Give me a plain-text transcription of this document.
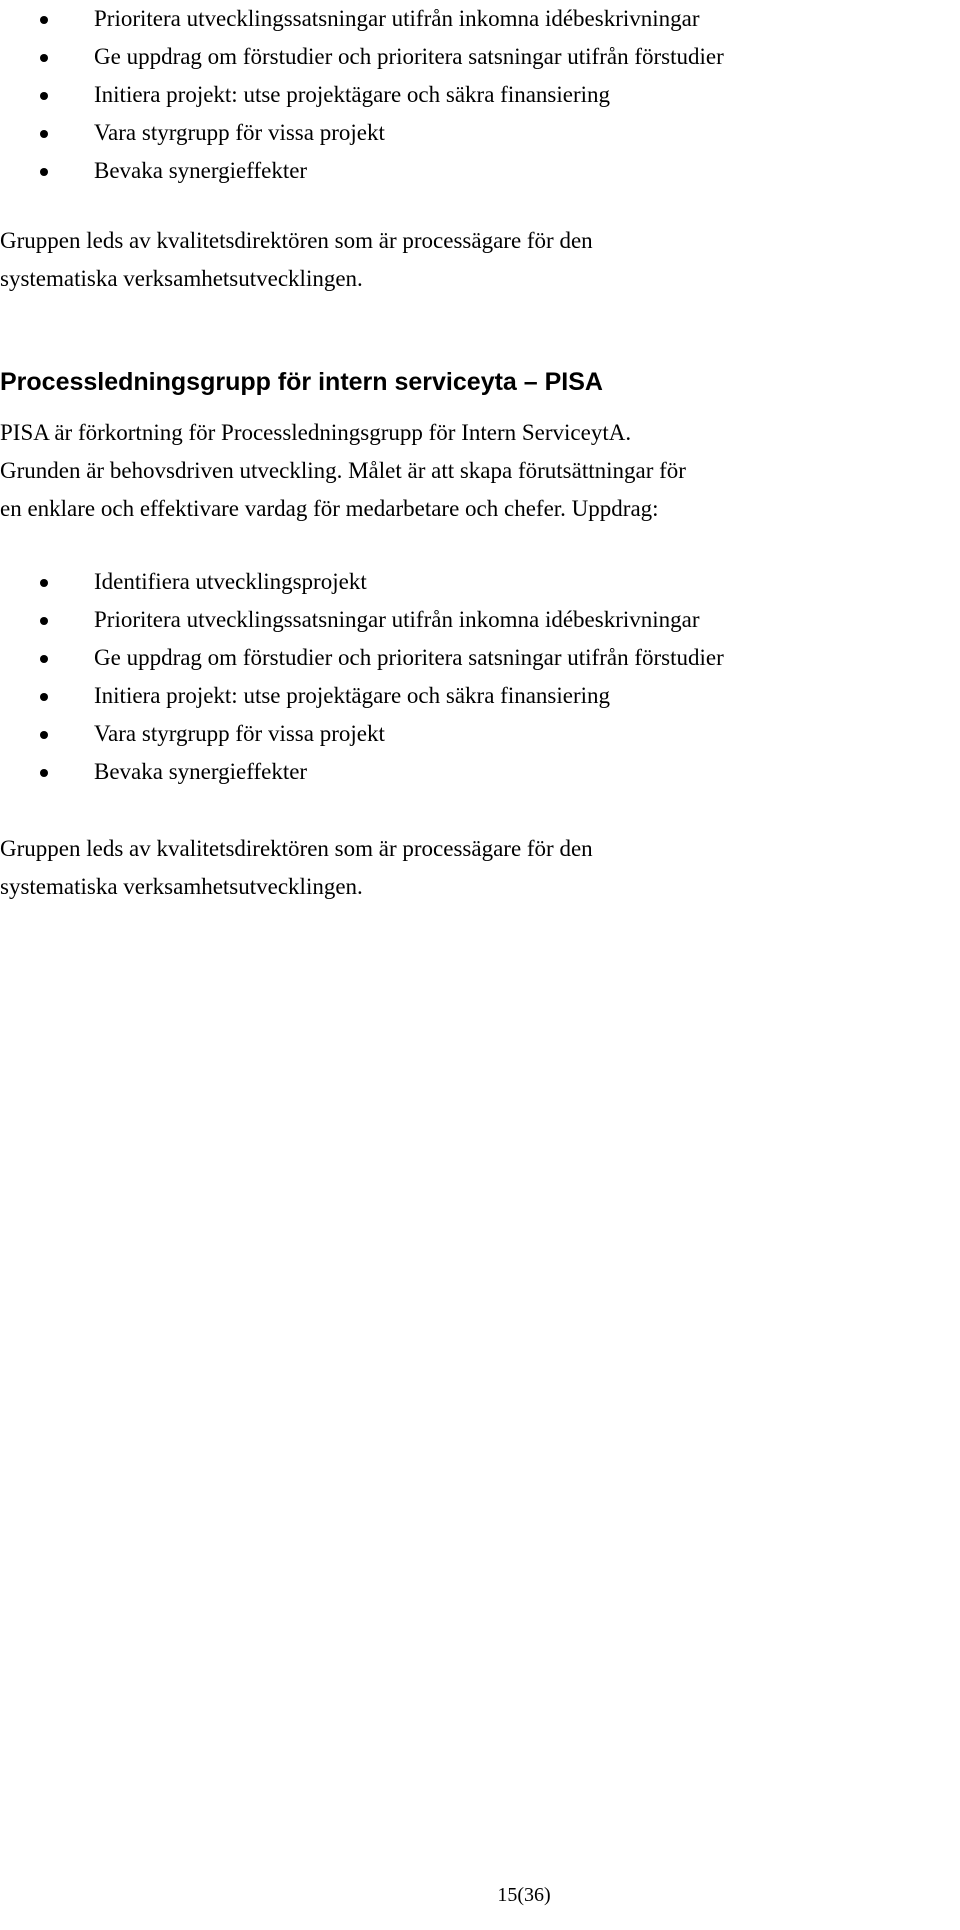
Prioritera utvecklingssatsningar utifrån inkomna idébeskrivningar
Ge uppdrag om förstudier och prioritera satsningar utifrån förstudier
Initiera projekt: utse projektägare och säkra finansiering
Vara styrgrupp för vissa projekt
Bevaka synergieffekter

Gruppen leds av kvalitetsdirektören som är processägare för den

systematiska verksamhetsutvecklingen.

Processledningsgrupp för intern serviceyta – PISA

PISA är förkortning för Processledningsgrupp för Intern ServiceytA.

Grunden är behovsdriven utveckling. Målet är att skapa förutsättningar för

en enklare och effektivare vardag för medarbetare och chefer. Uppdrag:

Identifiera utvecklingsprojekt
Prioritera utvecklingssatsningar utifrån inkomna idébeskrivningar
Ge uppdrag om förstudier och prioritera satsningar utifrån förstudier
Initiera projekt: utse projektägare och säkra finansiering
Vara styrgrupp för vissa projekt
Bevaka synergieffekter

Gruppen leds av kvalitetsdirektören som är processägare för den

systematiska verksamhetsutvecklingen.

15(36)
